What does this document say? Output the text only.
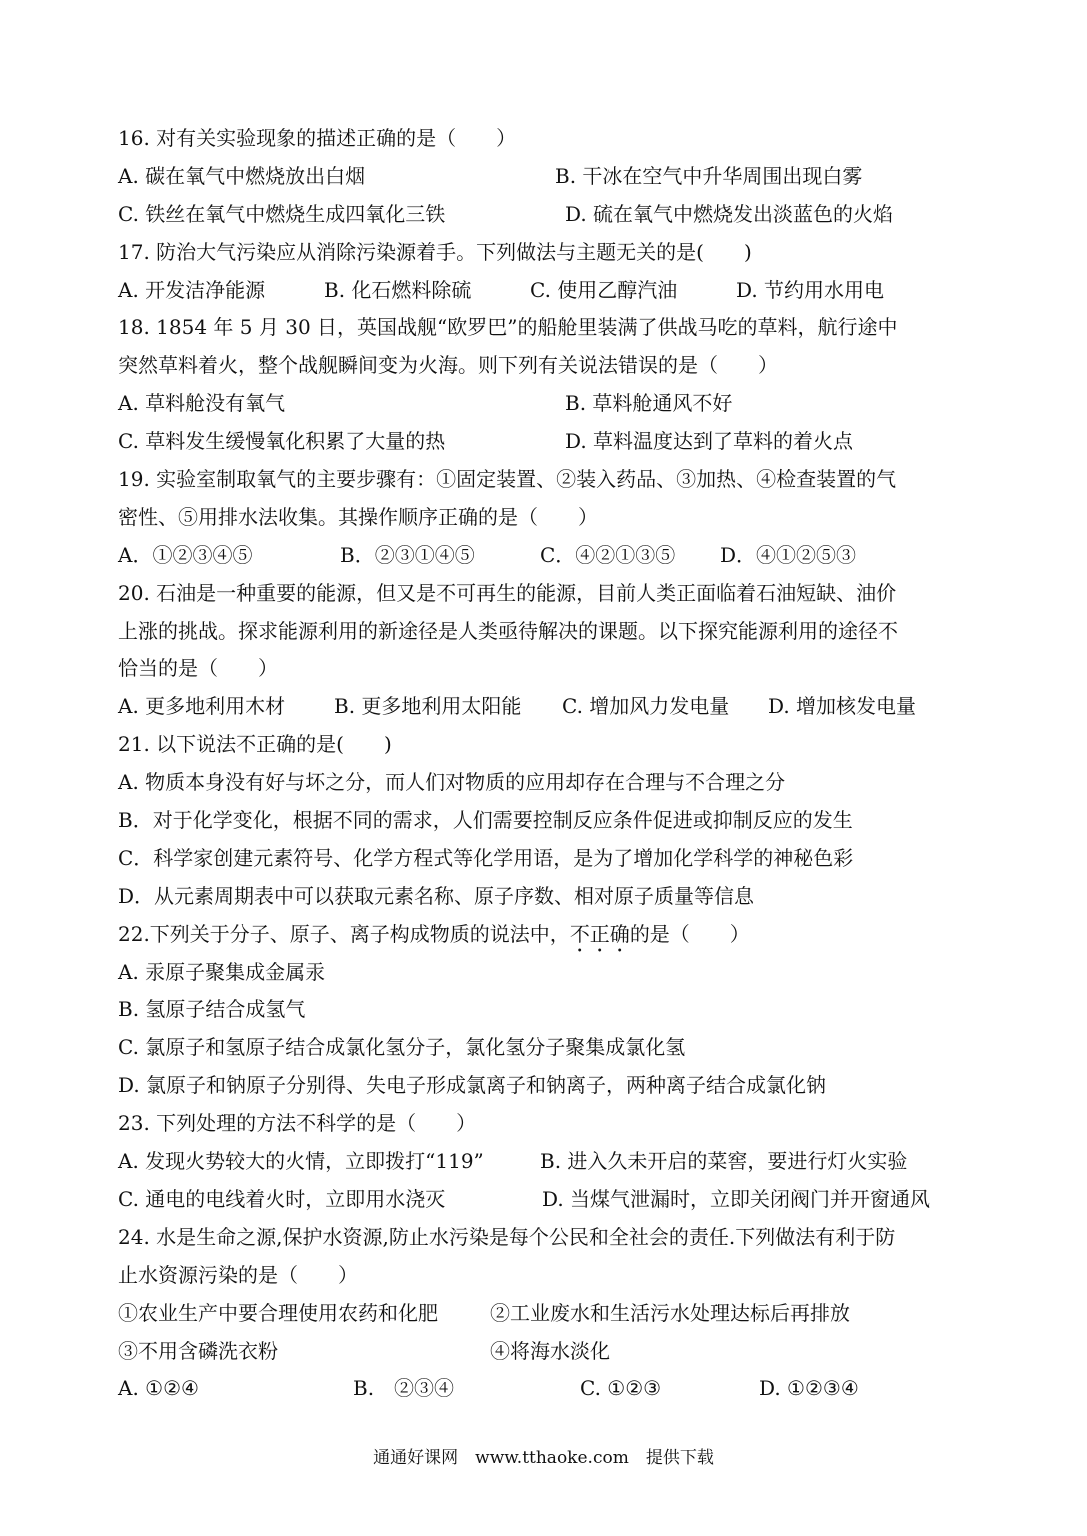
16. 对有关实验现象的描述正确的是（　　）
A. 碳在氧气中燃烧放出白烟	B. 干冰在空气中升华周围出现白雾
C. 铁丝在氧气中燃烧生成四氧化三铁	D. 硫在氧气中燃烧发出淡蓝色的火焰
17. 防治大气污染应从消除污染源着手。下列做法与主题无关的是(　　)
A. 开发洁净能源	B. 化石燃料除硫	C. 使用乙醇汽油	D. 节约用水用电
18. 1854 年 5 月 30 日，英国战舰“欧罗巴”的船舱里装满了供战马吃的草料，航行途中
突然草料着火，整个战舰瞬间变为火海。则下列有关说法错误的是（　　）
A. 草料舱没有氧气	B. 草料舱通风不好
C. 草料发生缓慢氧化积累了大量的热	D. 草料温度达到了草料的着火点
19. 实验室制取氧气的主要步骤有：①固定装置、②装入药品、③加热、④检查装置的气
密性、⑤用排水法收集。其操作顺序正确的是（　　）
A．①②③④⑤	B．②③①④⑤	C．④②①③⑤ D．④①②⑤③
20. 石油是一种重要的能源，但又是不可再生的能源，目前人类正面临着石油短缺、油价
上涨的挑战。探求能源利用的新途径是人类亟待解决的课题。以下探究能源利用的途径不
恰当的是（　　）
A. 更多地利用木材 B. 更多地利用太阳能 C. 增加风力发电量 D. 增加核发电量
21. 以下说法不正确的是(　　)
A. 物质本身没有好与坏之分，而人们对物质的应用却存在合理与不合理之分
B．对于化学变化，根据不同的需求，人们需要控制反应条件促进或抑制反应的发生
C．科学家创建元素符号、化学方程式等化学用语，是为了增加化学科学的神秘色彩
D．从元素周期表中可以获取元素名称、原子序数、相对原子质量等信息
22.下列关于分子、原子、离子构成物质的说法中，不正确的是（　　）
A. 汞原子聚集成金属汞
B. 氢原子结合成氢气
C. 氯原子和氢原子结合成氯化氢分子，氯化氢分子聚集成氯化氢
D. 氯原子和钠原子分别得、失电子形成氯离子和钠离子，两种离子结合成氯化钠
23. 下列处理的方法不科学的是（　　）
A. 发现火势较大的火情，立即拨打“119”	B. 进入久未开启的菜窖，要进行灯火实验
C. 通电的电线着火时，立即用水浇灭	D. 当煤气泄漏时，立即关闭阀门并开窗通风
24. 水是生命之源,保护水资源,防止水污染是每个公民和全社会的责任.下列做法有利于防
止水资源污染的是（　　）
①农业生产中要合理使用农药和化肥	②工业废水和生活污水处理达标后再排放
③不用含磷洗衣粉	④将海水淡化
A. ①②④	B.　②③④	C. ①②③	D. ①②③④
通通好课网　www.tthaoke.com　提供下载
